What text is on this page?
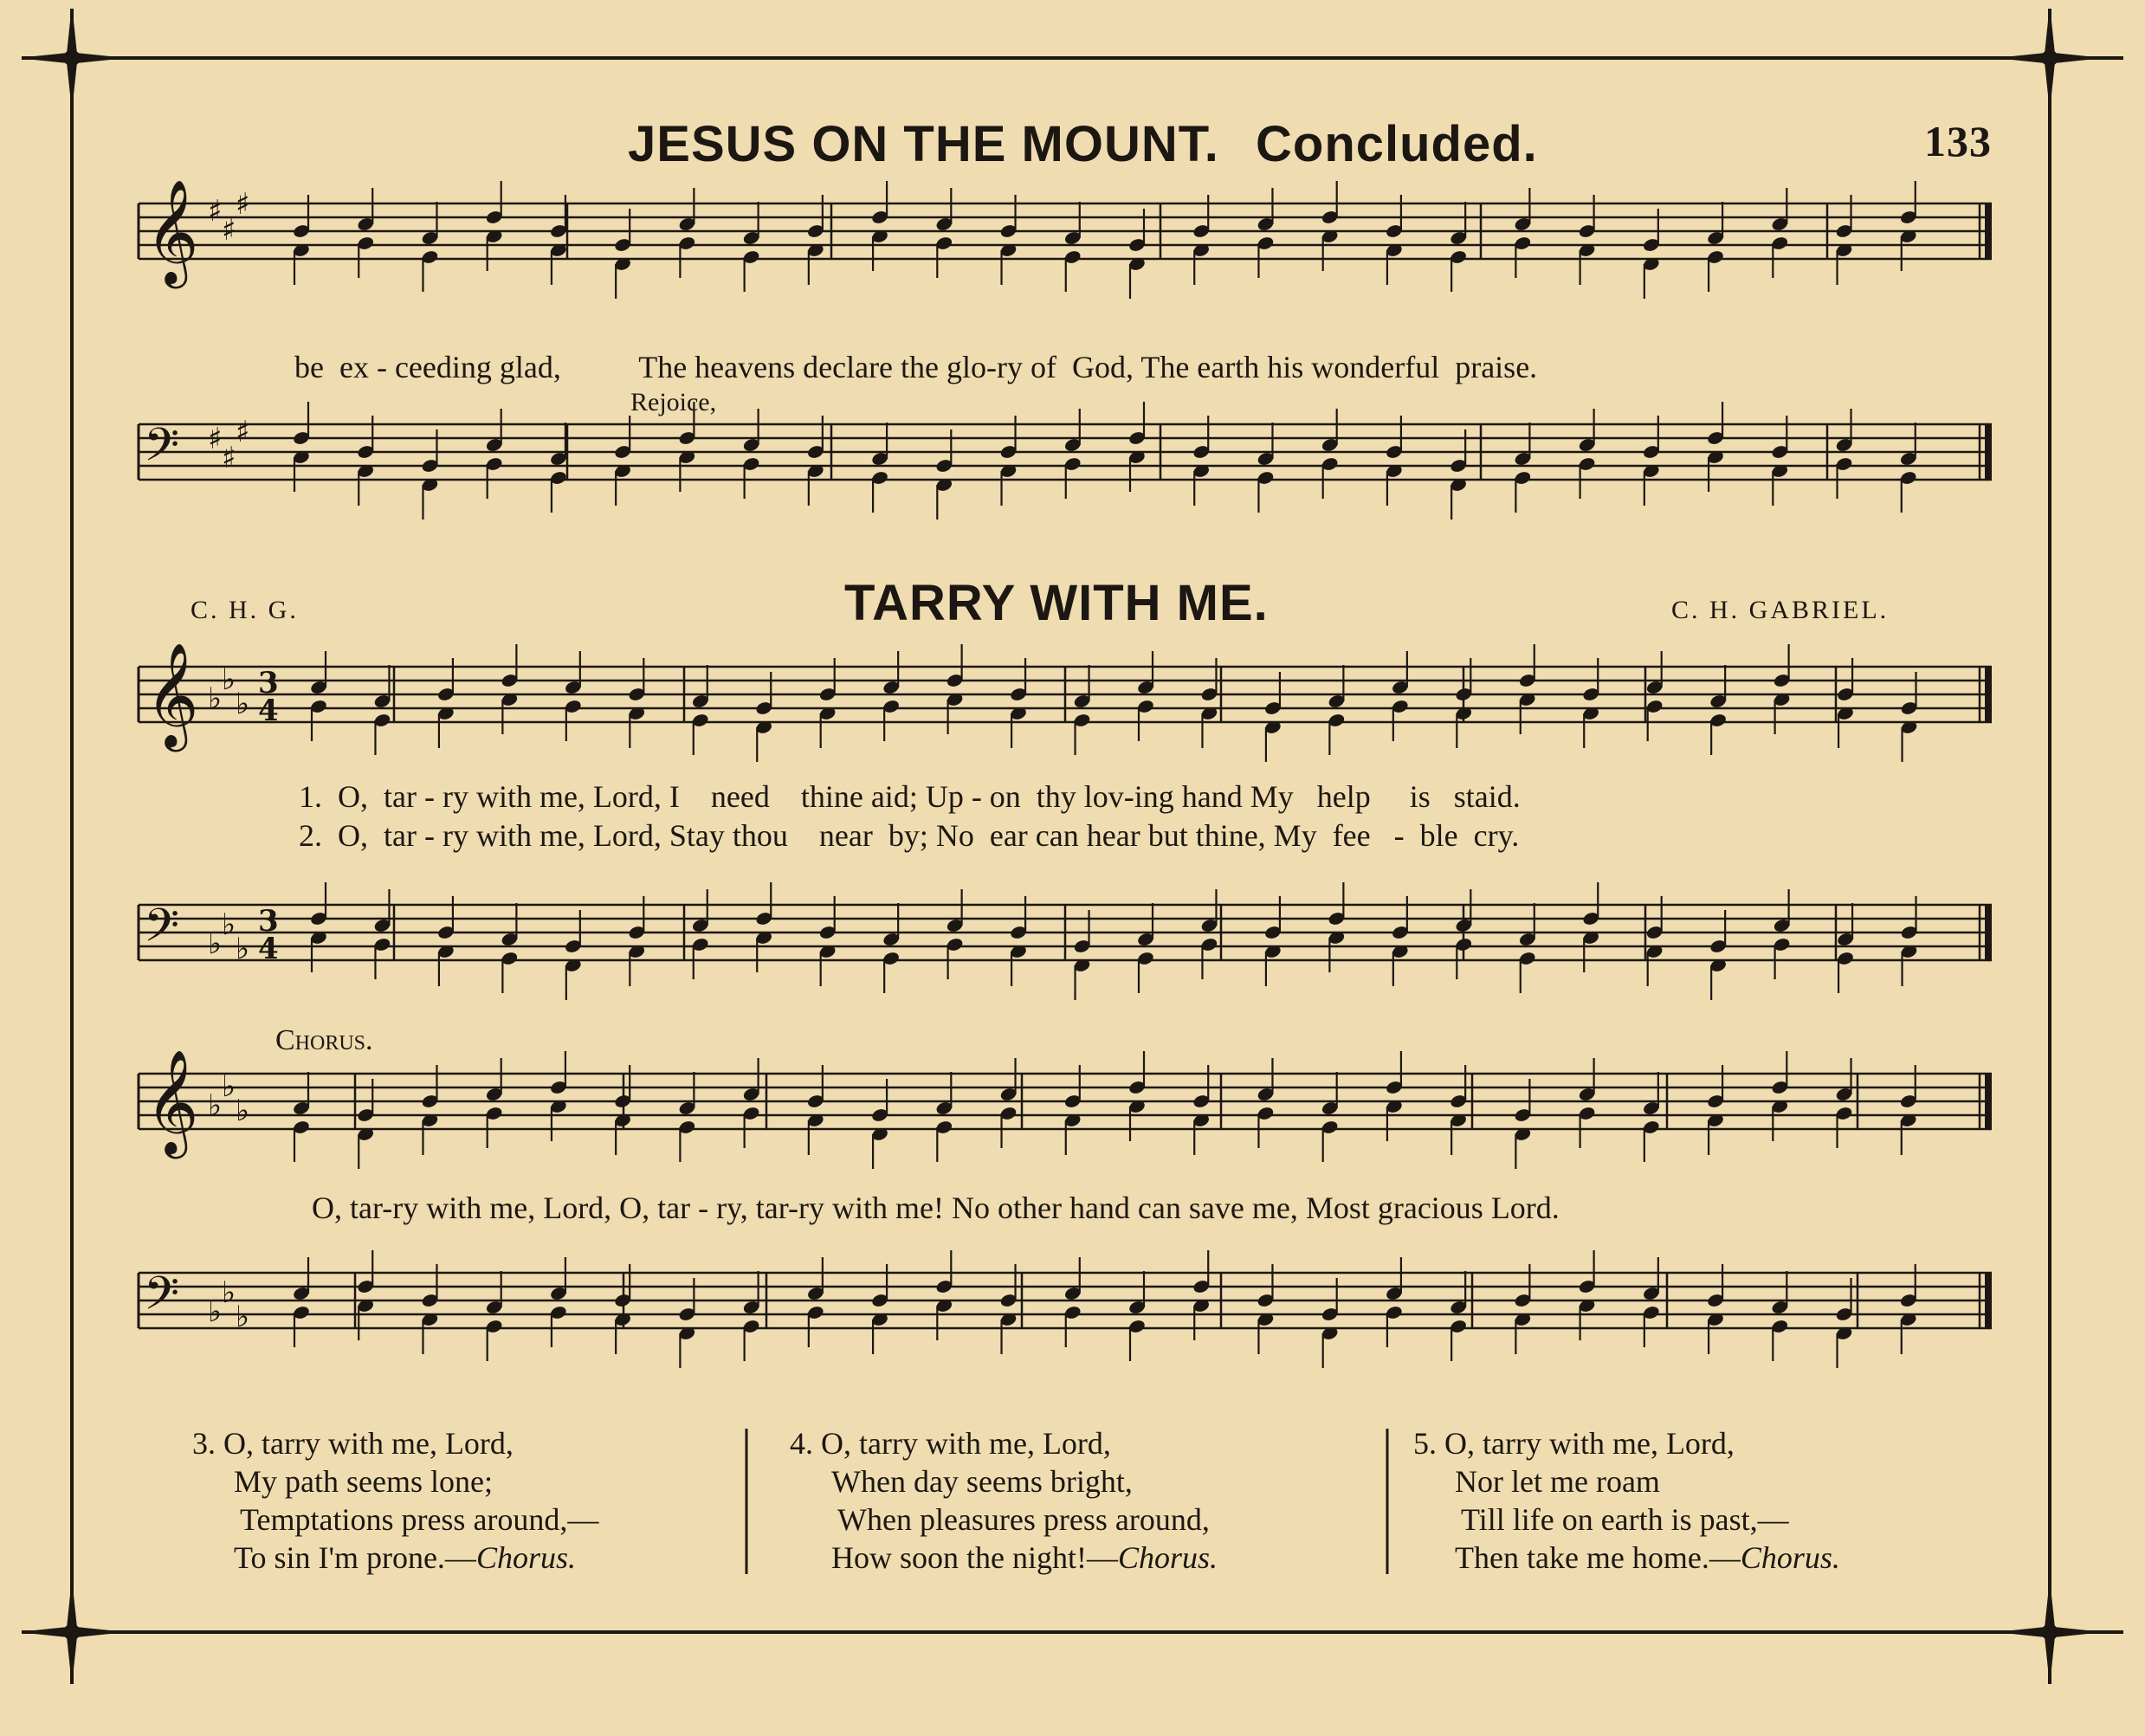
𝄞 ♯
♯
♯
𝄢 ♯
♯
♯
𝄞 ♭
♭
♭
3
4
𝄢 ♭
♭
♭
3
4
𝄞 ♭
♭
♭
𝄢 ♭
♭
♭
JESUS ON THE MOUNT. Concluded.	133
be  ex - ceeding glad,          The heavens declare the glo-ry of  God, The earth his wonderful  praise.
Rejoice,
C. H. G.	TARRY WITH ME.	C. H. GABRIEL.
1.  O,  tar - ry with me, Lord, I    need    thine aid; Up - on  thy lov-ing hand My   help     is   staid.
2.  O,  tar - ry with me, Lord, Stay thou    near  by; No  ear can hear but thine, My  fee   -  ble  cry.
Chorus.
O, tar-ry with me, Lord, O, tar - ry, tar-ry with me! No other hand can save me, Most gracious Lord.
3. O, tarry with me, Lord,
My path seems lone;
Temptations press around,—
To sin I'm prone.—Chorus.
4. O, tarry with me, Lord,
When day seems bright,
When pleasures press around,
How soon the night!—Chorus.
5. O, tarry with me, Lord,
Nor let me roam
Till life on earth is past,—
Then take me home.—Chorus.
